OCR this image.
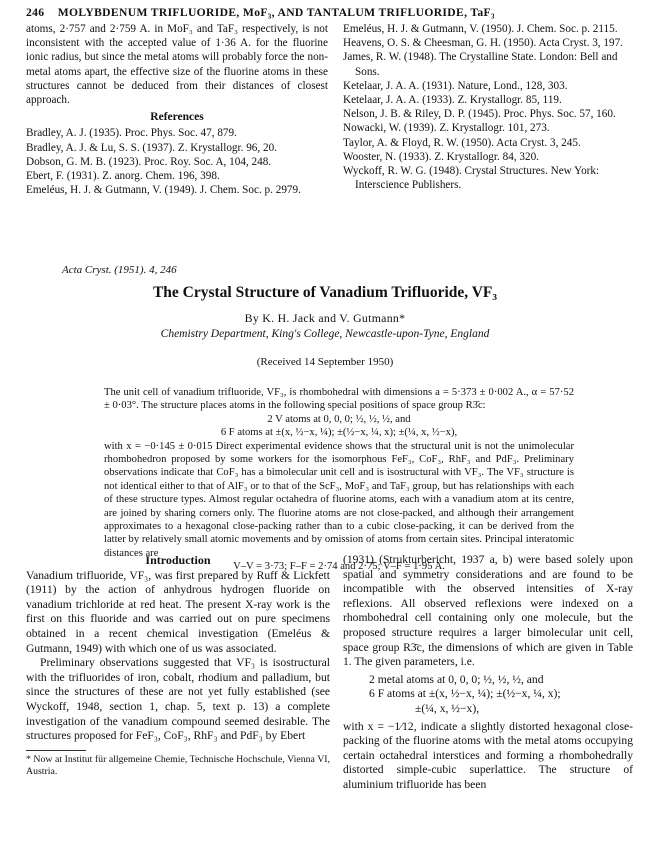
246 MOLYBDENUM TRIFLUORIDE, MoF₃, AND TANTALUM TRIFLUORIDE, TaF₃

atoms, 2·757 and 2·759 A. in MoF₃ and TaF₃ respectively, is not inconsistent with the accepted value of 1·36 A. for the fluorine ionic radius, but since the metal atoms will probably force the non-metal atoms apart, the effective size of the fluorine atoms in these structures cannot be deduced from their distances of closest approach.

References

Bradley, A. J. (1935). Proc. Phys. Soc. 47, 879.

Bradley, A. J. & Lu, S. S. (1937). Z. Krystallogr. 96, 20.

Dobson, G. M. B. (1923). Proc. Roy. Soc. A, 104, 248.

Ebert, F. (1931). Z. anorg. Chem. 196, 398.

Emeléus, H. J. & Gutmann, V. (1949). J. Chem. Soc. p. 2979.

Emeléus, H. J. & Gutmann, V. (1950). J. Chem. Soc. p. 2115.

Heavens, O. S. & Cheesman, G. H. (1950). Acta Cryst. 3, 197.

James, R. W. (1948). The Crystalline State. London: Bell and Sons.

Ketelaar, J. A. A. (1931). Nature, Lond., 128, 303.

Ketelaar, J. A. A. (1933). Z. Krystallogr. 85, 119.

Nelson, J. B. & Riley, D. P. (1945). Proc. Phys. Soc. 57, 160.

Nowacki, W. (1939). Z. Krystallogr. 101, 273.

Taylor, A. & Floyd, R. W. (1950). Acta Cryst. 3, 245.

Wooster, N. (1933). Z. Krystallogr. 84, 320.

Wyckoff, R. W. G. (1948). Crystal Structures. New York: Interscience Publishers.

Acta Cryst. (1951). 4, 246
The Crystal Structure of Vanadium Trifluoride, VF₃
By K. H. Jack and V. Gutmann*
Chemistry Department, King's College, Newcastle-upon-Tyne, England
(Received 14 September 1950)

The unit cell of vanadium trifluoride, VF₃, is rhombohedral with dimensions a = 5·373 ± 0·002 A., α = 57·52 ± 0·03°. The structure places atoms in the following special positions of space group R3̄c:

2 V atoms at 0, 0, 0; ½, ½, ½, and

6 F atoms at ±(x, ½−x, ¼); ±(½−x, ¼, x); ±(¼, x, ½−x),

with x = −0·145 ± 0·015 Direct experimental evidence shows that the structural unit is not the unimolecular rhombohedron proposed by some workers for the isomorphous FeF₃, CoF₃, RhF₃ and PdF₃. Preliminary observations indicate that CoF₃ has a bimolecular unit cell and is isostructural with VF₃. The VF₃ structure is not identical either to that of AlF₃ or to that of the ScF₃, MoF₃ and TaF₃ group, but has relationships with each of these structure types. Almost regular octahedra of fluorine atoms, each with a vanadium atom at its centre, are joined by sharing corners only. The fluorine atoms are not close-packed, and although their arrangement approximates to a hexagonal close-packing rather than to a cubic close-packing, it can be derived from the latter by relatively small atomic movements and by omission of atoms from certain sites. Principal interatomic distances are

V–V = 3·73; F–F = 2·74 and 2·75; V–F = 1·95 A.

Introduction

Vanadium trifluoride, VF₃, was first prepared by Ruff & Lickfett (1911) by the action of anhydrous hydrogen fluoride on vanadium trichloride at red heat. The present X-ray work is the first on this fluoride and was carried out on pure specimens obtained in a recent chemical investigation (Emeléus & Gutmann, 1949) with which one of us was associated.

Preliminary observations suggested that VF₃ is isostructural with the trifluorides of iron, cobalt, rhodium and palladium, but since the structures of these are not yet fully established (see Wyckoff, 1948, section 1, chap. 5, text p. 13) a complete investigation of the vanadium compound seemed desirable. The structures proposed for FeF₃, CoF₃, RhF₃ and PdF₃ by Ebert

* Now at Institut für allgemeine Chemie, Technische Hochschule, Vienna VI, Austria.

(1931) (Strukturbericht, 1937 a, b) were based solely upon spatial and symmetry considerations and are found to be incompatible with the observed intensities of X-ray reflexions. All observed reflexions were indexed on a rhombohedral cell containing only one molecule, but the proposed structure requires a larger bimolecular unit cell, space group R3̄c, the dimensions of which are given in Table 1. The given parameters, i.e.

2 metal atoms at 0, 0, 0; ½, ½, ½, and

6 F atoms at ±(x, ½−x, ¼); ±(½−x, ¼, x);

±(¼, x, ½−x),

with x = −1⁄12, indicate a slightly distorted hexagonal close-packing of the fluorine atoms with the metal atoms occupying certain octahedral interstices and forming a rhombohedrally distorted simple-cubic superlattice. The structure of aluminium trifluoride has been
